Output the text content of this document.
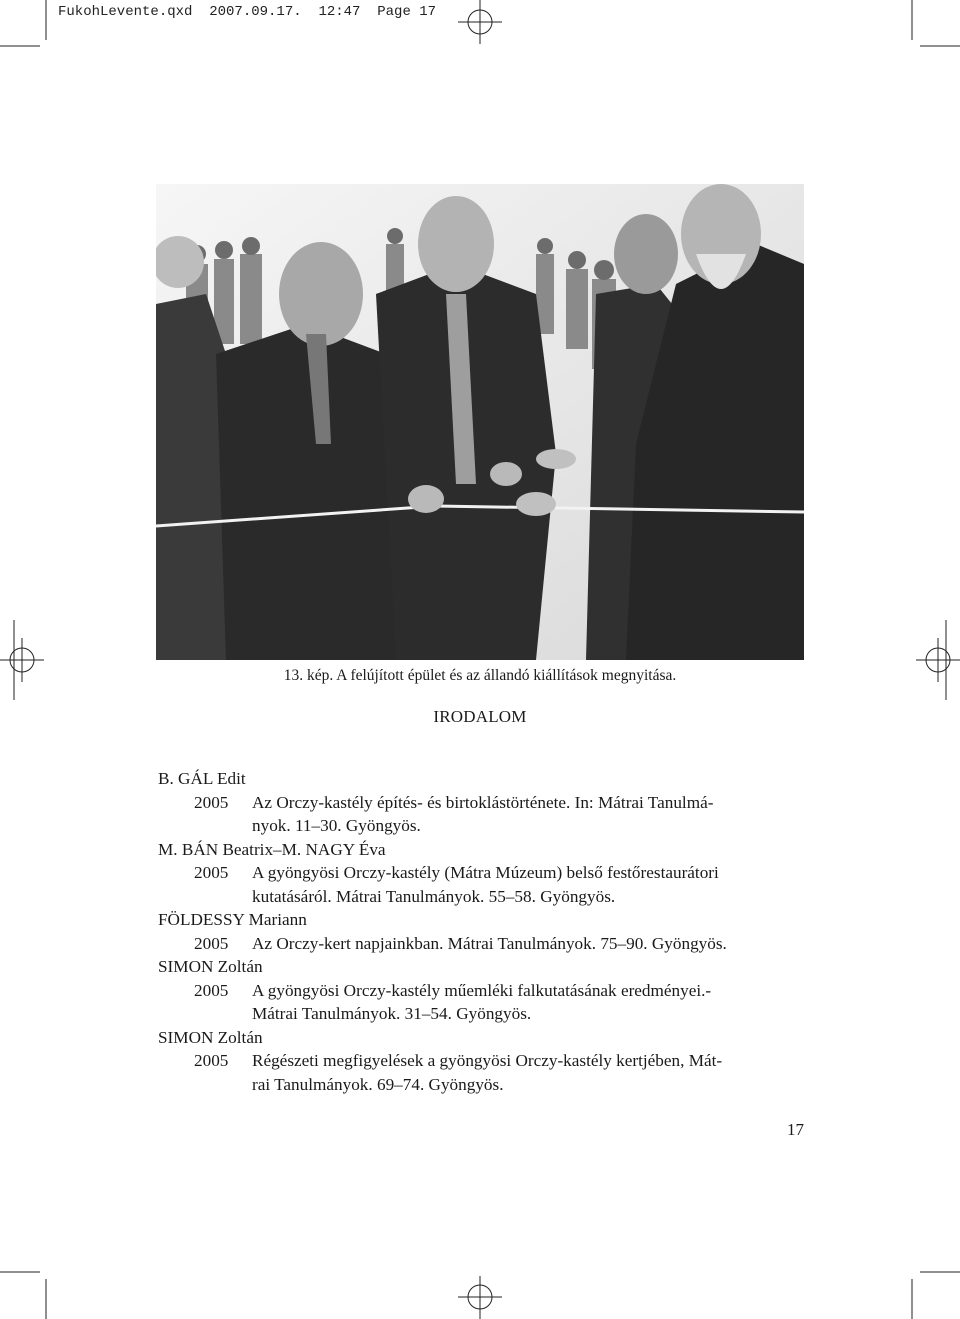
FukohLevente.qxd  2007.09.17.  12:47  Page 17
13. kép. A felújított épület és az állandó kiállítások megnyitása.
IRODALOM

B. GÁL Edit

2005	Az Orczy-kastély építés- és birtoklástörténete. In: Mátrai Tanulmá-
nyok. 11–30. Gyöngyös.

M. BÁN Beatrix–M. NAGY Éva

2005	A gyöngyösi Orczy-kastély (Mátra Múzeum) belső festőrestaurátori
kutatásáról. Mátrai Tanulmányok. 55–58. Gyöngyös.

FÖLDESSY Mariann

2005	Az Orczy-kert napjainkban. Mátrai Tanulmányok. 75–90. Gyöngyös.

SIMON Zoltán

2005	A gyöngyösi Orczy-kastély műemléki falkutatásának eredményei.-
Mátrai Tanulmányok. 31–54. Gyöngyös.

SIMON Zoltán

2005	Régészeti megfigyelések a gyöngyösi Orczy-kastély kertjében, Mát-
rai Tanulmányok. 69–74. Gyöngyös.
17
